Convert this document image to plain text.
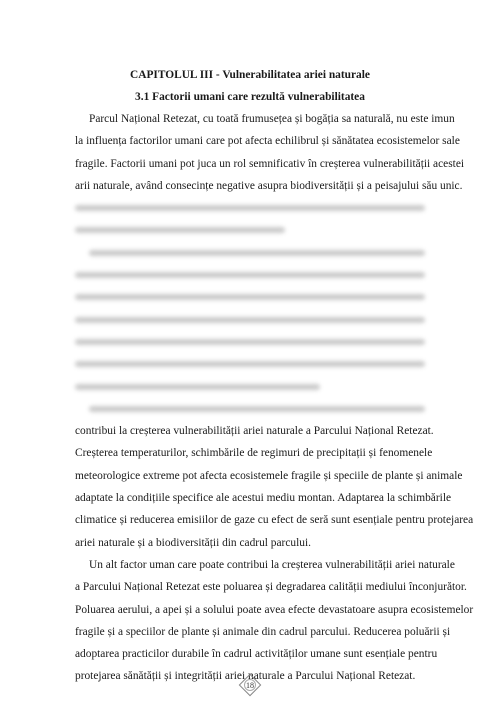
CAPITOLUL III - Vulnerabilitatea ariei naturale

3.1 Factorii umani care rezultă vulnerabilitatea

Parcul Național Retezat, cu toată frumusețea și bogăția sa naturală, nu este imun
la influența factorilor umani care pot afecta echilibrul și sănătatea ecosistemelor sale
fragile. Factorii umani pot juca un rol semnificativ în creșterea vulnerabilității acestei
arii naturale, având consecințe negative asupra biodiversității și a peisajului său unic.
contribui la creșterea vulnerabilității ariei naturale a Parcului Național Retezat.
Creșterea temperaturilor, schimbările de regimuri de precipitații și fenomenele
meteorologice extreme pot afecta ecosistemele fragile și speciile de plante și animale
adaptate la condițiile specifice ale acestui mediu montan. Adaptarea la schimbările
climatice și reducerea emisiilor de gaze cu efect de seră sunt esențiale pentru protejarea
ariei naturale și a biodiversității din cadrul parcului.
Un alt factor uman care poate contribui la creșterea vulnerabilității ariei naturale
a Parcului Național Retezat este poluarea și degradarea calității mediului înconjurător.
Poluarea aerului, a apei și a solului poate avea efecte devastatoare asupra ecosistemelor
fragile și a speciilor de plante și animale din cadrul parcului. Reducerea poluării și
adoptarea practicilor durabile în cadrul activităților umane sunt esențiale pentru
protejarea sănătății și integrității ariei naturale a Parcului Național Retezat.
18
